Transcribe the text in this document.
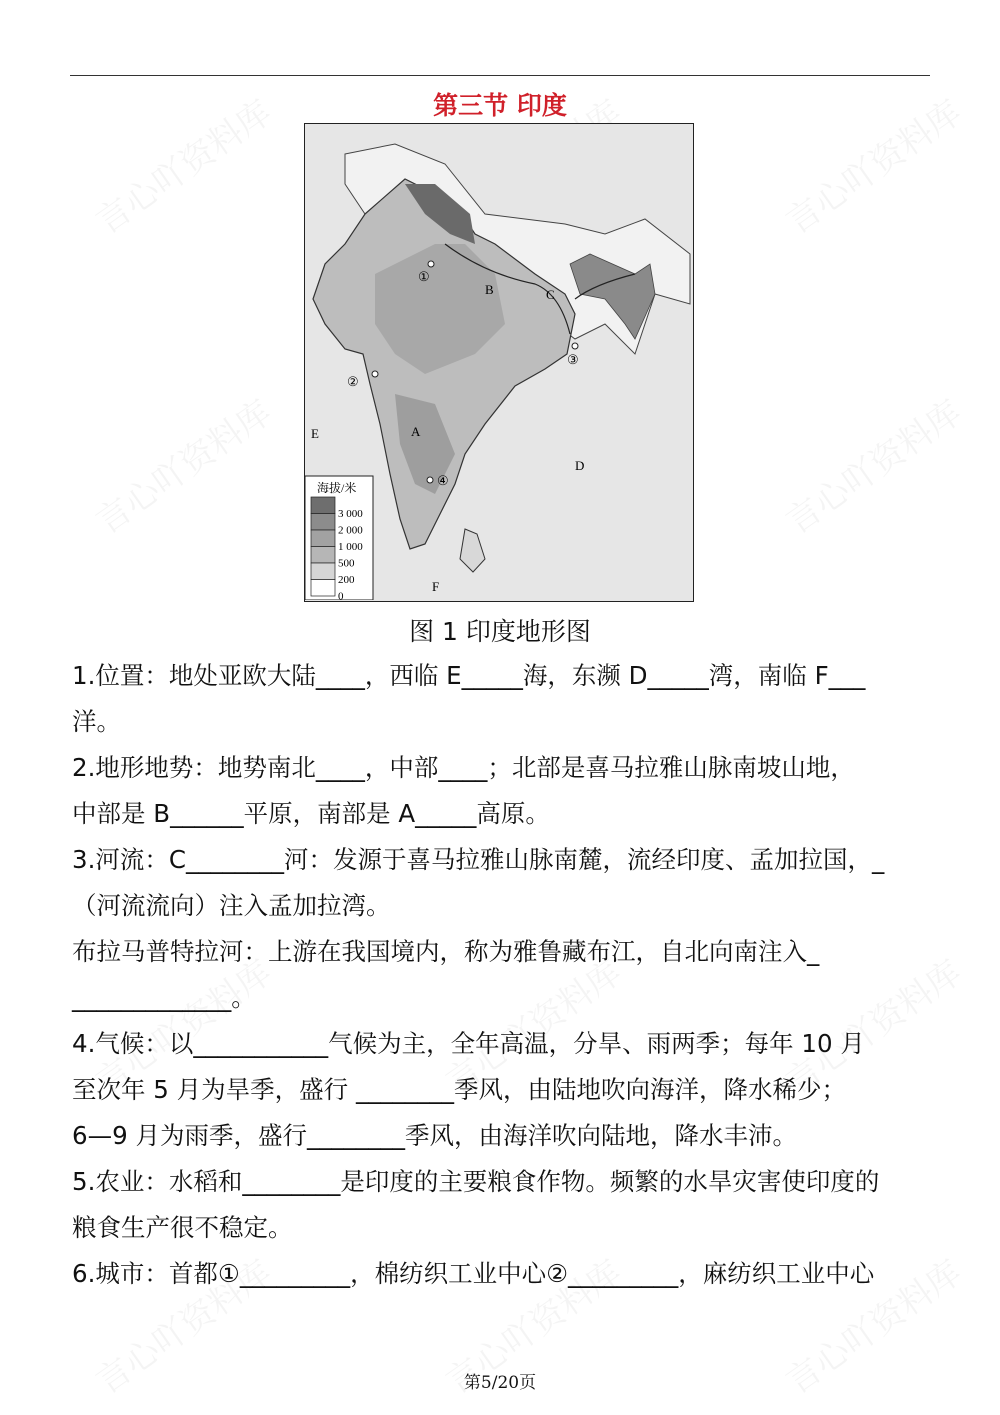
第三节 印度
①
②
③
④
A
B	C
D
E
F
海拔/米
3 000
2 000
1 000
500
200
0
图 1 印度地形图
1.位置：地处亚欧大陆____，西临 E_____海，东濒 D_____湾，南临 F___
洋。
2.地形地势：地势南北____，中部____；北部是喜马拉雅山脉南坡山地，
中部是 B______平原，南部是 A_____高原。
3.河流：C________河：发源于喜马拉雅山脉南麓，流经印度、孟加拉国，_
（河流流向）注入孟加拉湾。
布拉马普特拉河：上游在我国境内，称为雅鲁藏布江，自北向南注入_
_____________。
4.气候：以___________气候为主，全年高温，分旱、雨两季；每年 10 月
至次年 5 月为旱季，盛行 ________季风，由陆地吹向海洋，降水稀少；
6—9 月为雨季，盛行________季风，由海洋吹向陆地，降水丰沛。
5.农业：水稻和________是印度的主要粮食作物。频繁的水旱灾害使印度的
粮食生产很不稳定。
6.城市：首都①_________，棉纺织工业中心②_________，麻纺织工业中心
第5/20页
